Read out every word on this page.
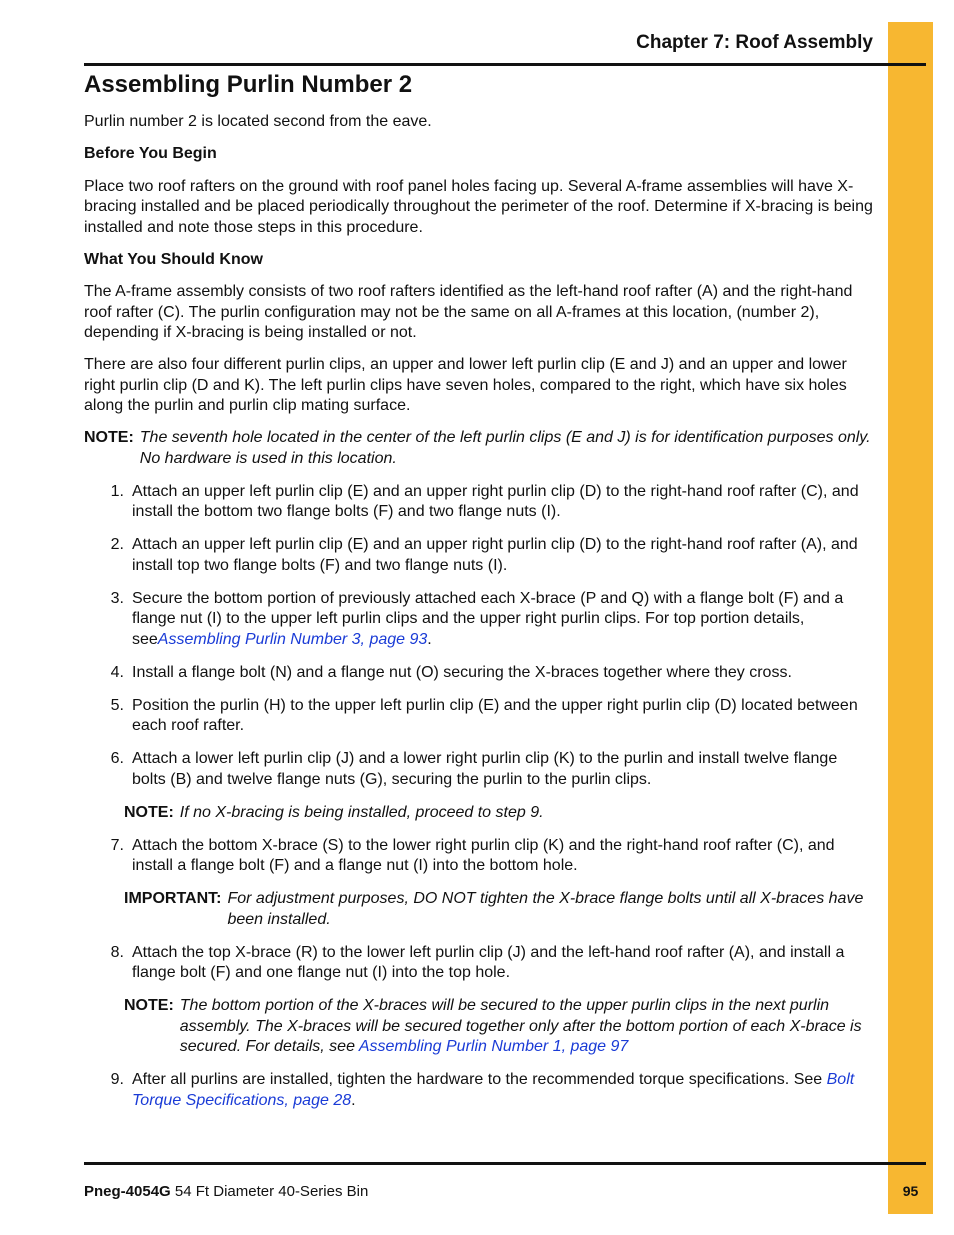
Chapter 7: Roof Assembly
Assembling Purlin Number 2

Purlin number 2 is located second from the eave.

Before You Begin

Place two roof rafters on the ground with roof panel holes facing up. Several A-frame assemblies will have X-bracing installed and be placed periodically throughout the perimeter of the roof. Determine if X-bracing is being installed and note those steps in this procedure.

What You Should Know

The A-frame assembly consists of two roof rafters identified as the left-hand roof rafter (A) and the right-hand roof rafter (C). The purlin configuration may not be the same on all A-frames at this location, (number 2), depending if X-bracing is being installed or not.

There are also four different purlin clips, an upper and lower left purlin clip (E and J) and an upper and lower right purlin clip (D and K). The left purlin clips have seven holes, compared to the right, which have six holes along the purlin and purlin clip mating surface.

NOTE: The seventh hole located in the center of the left purlin clips (E and J) is for identification purposes only. No hardware is used in this location.
1. Attach an upper left purlin clip (E) and an upper right purlin clip (D) to the right-hand roof rafter (C), and install the bottom two flange bolts (F) and two flange nuts (I).
2. Attach an upper left purlin clip (E) and an upper right purlin clip (D) to the right-hand roof rafter (A), and install top two flange bolts (F) and two flange nuts (I).
3. Secure the bottom portion of previously attached each X-brace (P and Q) with a flange bolt (F) and a flange nut (I) to the upper left purlin clips and the upper right purlin clips. For top portion details, seeAssembling Purlin Number 3, page 93.
4. Install a flange bolt (N) and a flange nut (O) securing the X-braces together where they cross.
5. Position the purlin (H) to the upper left purlin clip (E) and the upper right purlin clip (D) located between each roof rafter.
6. Attach a lower left purlin clip (J) and a lower right purlin clip (K) to the purlin and install twelve flange bolts (B) and twelve flange nuts (G), securing the purlin to the purlin clips.
NOTE: If no X-bracing is being installed, proceed to step 9.
7. Attach the bottom X-brace (S) to the lower right purlin clip (K) and the right-hand roof rafter (C), and install a flange bolt (F) and a flange nut (I) into the bottom hole.
IMPORTANT: For adjustment purposes, DO NOT tighten the X-brace flange bolts until all X-braces have been installed.
8. Attach the top X-brace (R) to the lower left purlin clip (J) and the left-hand roof rafter (A), and install a flange bolt (F) and one flange nut (I) into the top hole.
NOTE: The bottom portion of the X-braces will be secured to the upper purlin clips in the next purlin assembly. The X-braces will be secured together only after the bottom portion of each X-brace is secured. For details, see Assembling Purlin Number 1, page 97
9. After all purlins are installed, tighten the hardware to the recommended torque specifications. See Bolt Torque Specifications, page 28.
Pneg-4054G 54 Ft Diameter 40-Series Bin	95
